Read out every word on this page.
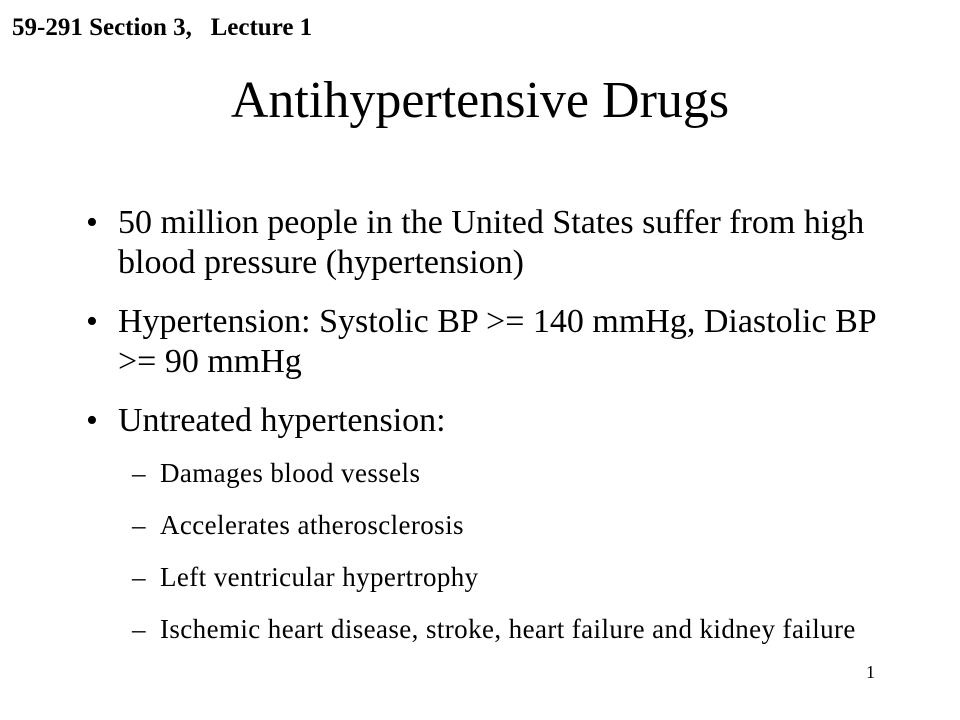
59-291 Section 3,   Lecture 1
Antihypertensive Drugs
• 50 million people in the United States suffer from high blood pressure (hypertension)
• Hypertension: Systolic BP >= 140 mmHg, Diastolic BP >= 90 mmHg
• Untreated hypertension:
– Damages blood vessels
– Accelerates atherosclerosis
– Left ventricular hypertrophy
– Ischemic heart disease, stroke, heart failure and kidney failure
1
